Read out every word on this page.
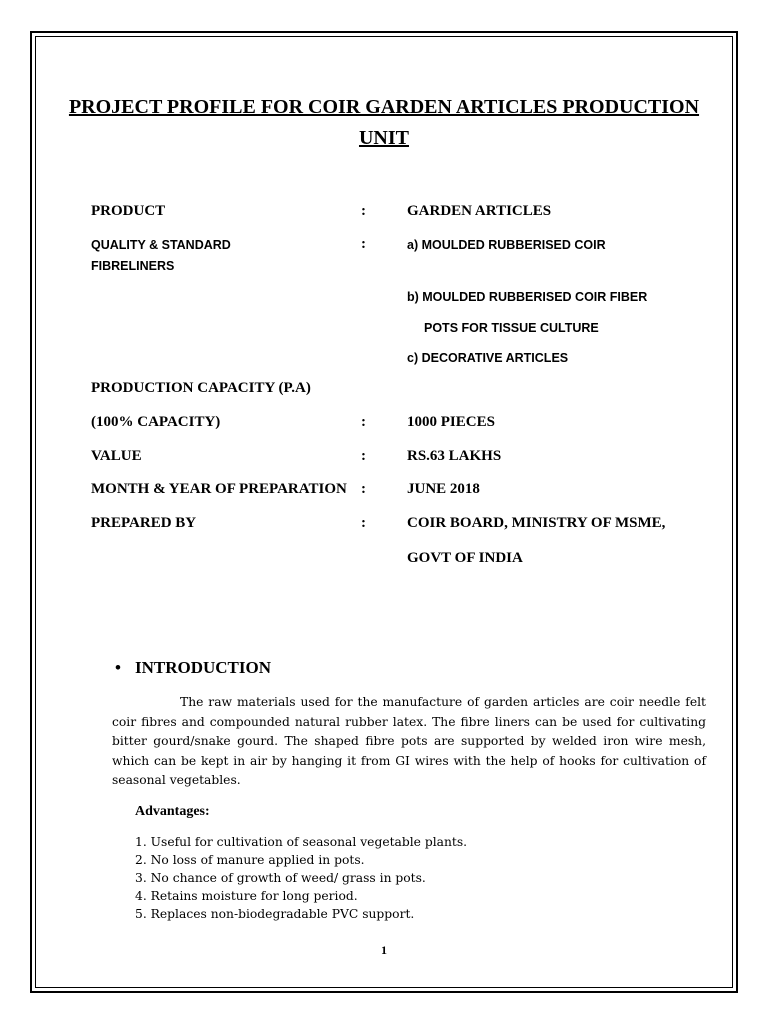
PROJECT PROFILE FOR COIR GARDEN ARTICLES PRODUCTION UNIT
PRODUCT	:	GARDEN ARTICLES
QUALITY & STANDARD
FIBRELINERS
:	a) MOULDED RUBBERISED COIR
b) MOULDED RUBBERISED COIR FIBER
POTS FOR TISSUE CULTURE
c) DECORATIVE ARTICLES
PRODUCTION CAPACITY (P.A)
(100% CAPACITY)	:	1000 PIECES
VALUE	:	RS.63 LAKHS
MONTH & YEAR OF PREPARATION :	JUNE 2018
PREPARED BY	:	COIR BOARD, MINISTRY OF MSME,
GOVT OF INDIA
• INTRODUCTION
The raw materials used for the manufacture of garden articles are coir needle felt coir fibres and compounded natural rubber latex. The fibre liners can be used for cultivating bitter gourd/snake gourd. The shaped fibre pots are supported by welded iron wire mesh, which can be kept in air by hanging it from GI wires with the help of hooks for cultivation of seasonal vegetables.
Advantages:
1. Useful for cultivation of seasonal vegetable plants.
2. No loss of manure applied in pots.
3. No chance of growth of weed/ grass in pots.
4. Retains moisture for long period.
5. Replaces non-biodegradable PVC support.
1
